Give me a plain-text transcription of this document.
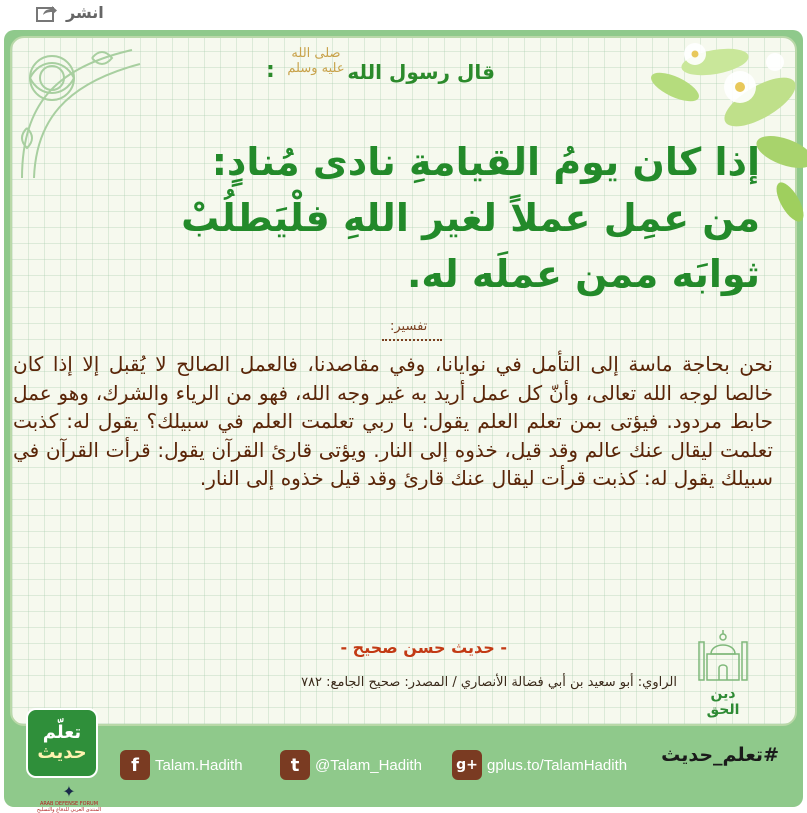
انشر
صلى الله عليه وسلم
:	قال رسول الله
إذا كان يومُ القيامةِ نادى مُنادٍ:
من عمِل عملاً لغير اللهِ فلْيَطلُبْ
ثوابَه ممن عملَه له.
تفسير:
نحن بحاجة ماسة إلى التأمل في نوايانا، وفي مقاصدنا، فالعمل الصالح لا يُقبل إلا إذا كان خالصا لوجه الله تعالى، وأنّ كل عمل أريد به غير وجه الله، فهو من الرياء والشرك، وهو عمل حابط مردود. فيؤتى بمن تعلم العلم يقول: يا ربي تعلمت العلم في سبيلك؟ يقول له: كذبت تعلمت ليقال عنك عالم وقد قيل، خذوه إلى النار. ويؤتى قارئ القرآن يقول: قرأت القرآن في سبيلك يقول له: كذبت قرأت ليقال عنك قارئ وقد قيل خذوه إلى النار.
- حديث حسن صحيح -
الراوي: أبو سعيد بن أبي فضالة الأنصاري / المصدر: صحيح الجامع: ٧٨٢
دين الحق
تعلّم
حديث
✦
ARAB DEFENSE FORUM
المنتدى العربي للدفاع والتسليح
f	Talam.Hadith	t	@Talam_Hadith g+ gplus.to/TalamHadith #تعلم_حديث
